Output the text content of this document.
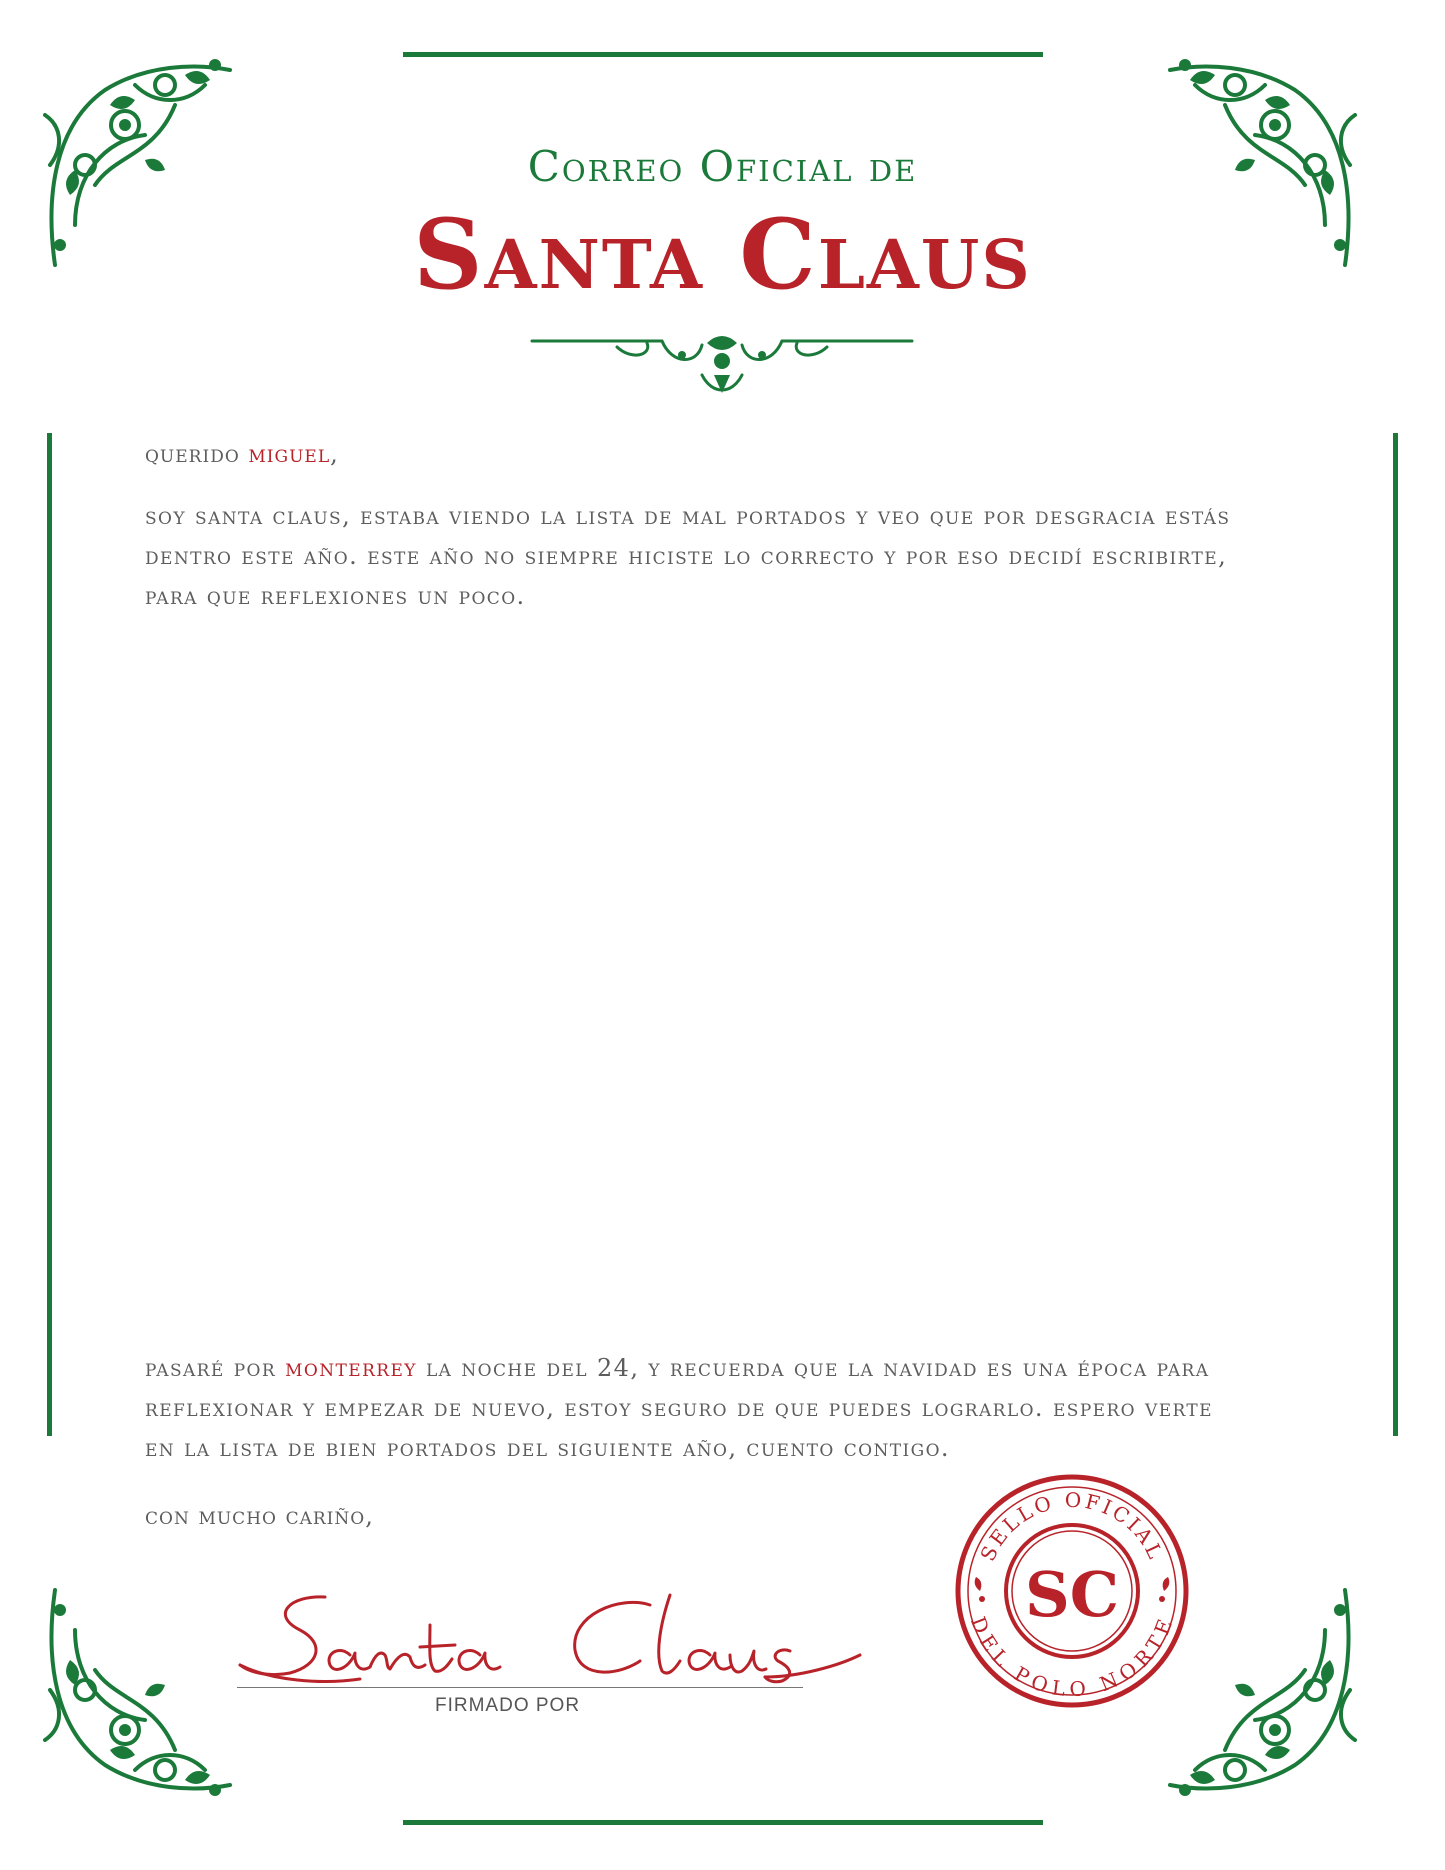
Correo Oficial de
Santa Claus
querido miguel,
soy santa claus, estaba viendo la lista de mal portados y veo que por desgracia estás dentro este año. este año no siempre hiciste lo correcto y por eso decidí escribirte, para que reflexiones un poco.
pasaré por monterrey la noche del 24, y recuerda que la navidad es una época para reflexionar y empezar de nuevo, estoy seguro de que puedes lograrlo. espero verte en la lista de bien portados del siguiente año, cuento contigo.
con mucho cariño,
FIRMADO POR
SELLO OFICIAL
DEL POLO NORTE
SC
